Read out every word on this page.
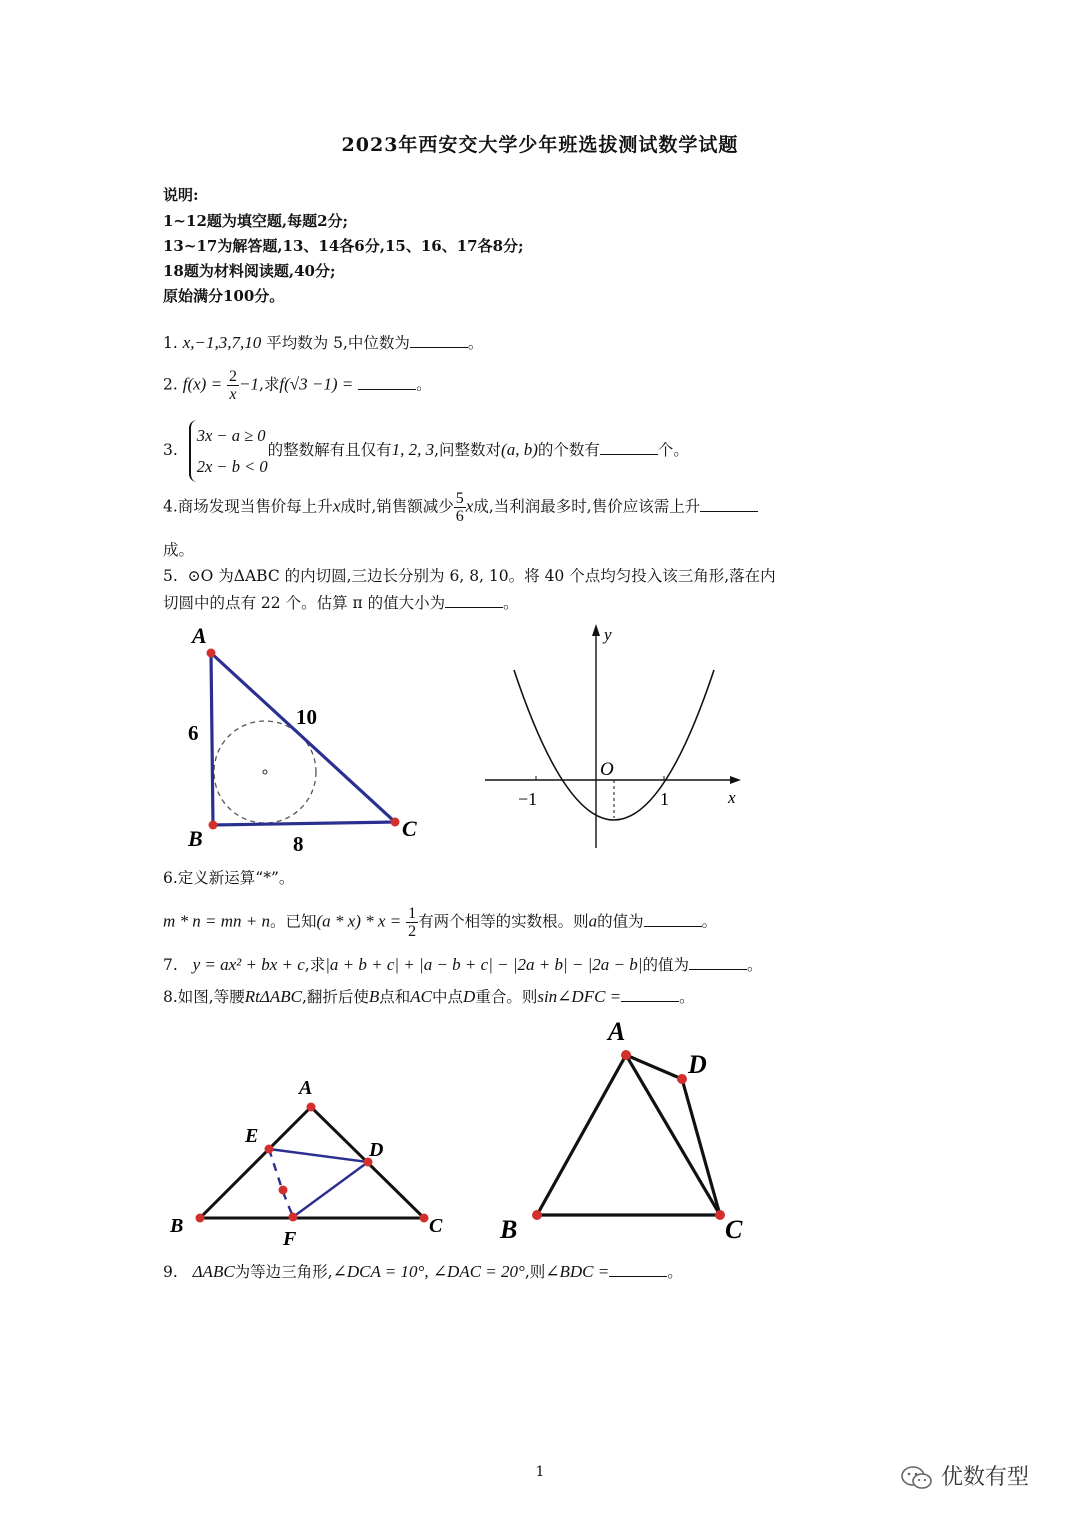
2023年西安交大学少年班选拔测试数学试题
说明:
1~12题为填空题,每题2分;
13~17为解答题,13、14各6分,15、16、17各8分;
18题为材料阅读题,40分;
原始满分100分。
1. x,−1,3,7,10 平均数为 5,中位数为	。
2. $f(x) = \frac{2}{x} -1$,求f(√3 −1) =	。
3.
3x − a ≥ 0
2x − b < 0
的整数解有且仅有1, 2, 3,问整数对(a, b)的个数有	个。
4.商场发现当售价每上升x成时,销售额减少 $\frac{5}{6}$ x成,当利润最多时,售价应该需上升
成。
5. ⊙O 为ΔABC 的内切圆,三边长分别为 6, 8, 10。将 40 个点均匀投入该三角形,落在内
切圆中的点有 22 个。估算 π 的值大小为	。
A
B	C
6
10
8
y
x
O
−1	1
6.定义新运算“*”。
m * n = mn + n。已知$(a * x) * x = \frac{1}{2}$ 有两个相等的实数根。则a的值为	。
7. y = ax² + bx + c,求|a + b + c| + |a − b + c| − |2a + b| − |2a − b|的值为	。
8.如图,等腰RtΔABC,翻折后使B点和AC中点D重合。则sin∠DFC =	。
A
E
D
B
F
C
A
D
B	C
9. ΔABC为等边三角形,∠DCA = 10°, ∠DAC = 20°,则∠BDC =	。
1	优数有型
